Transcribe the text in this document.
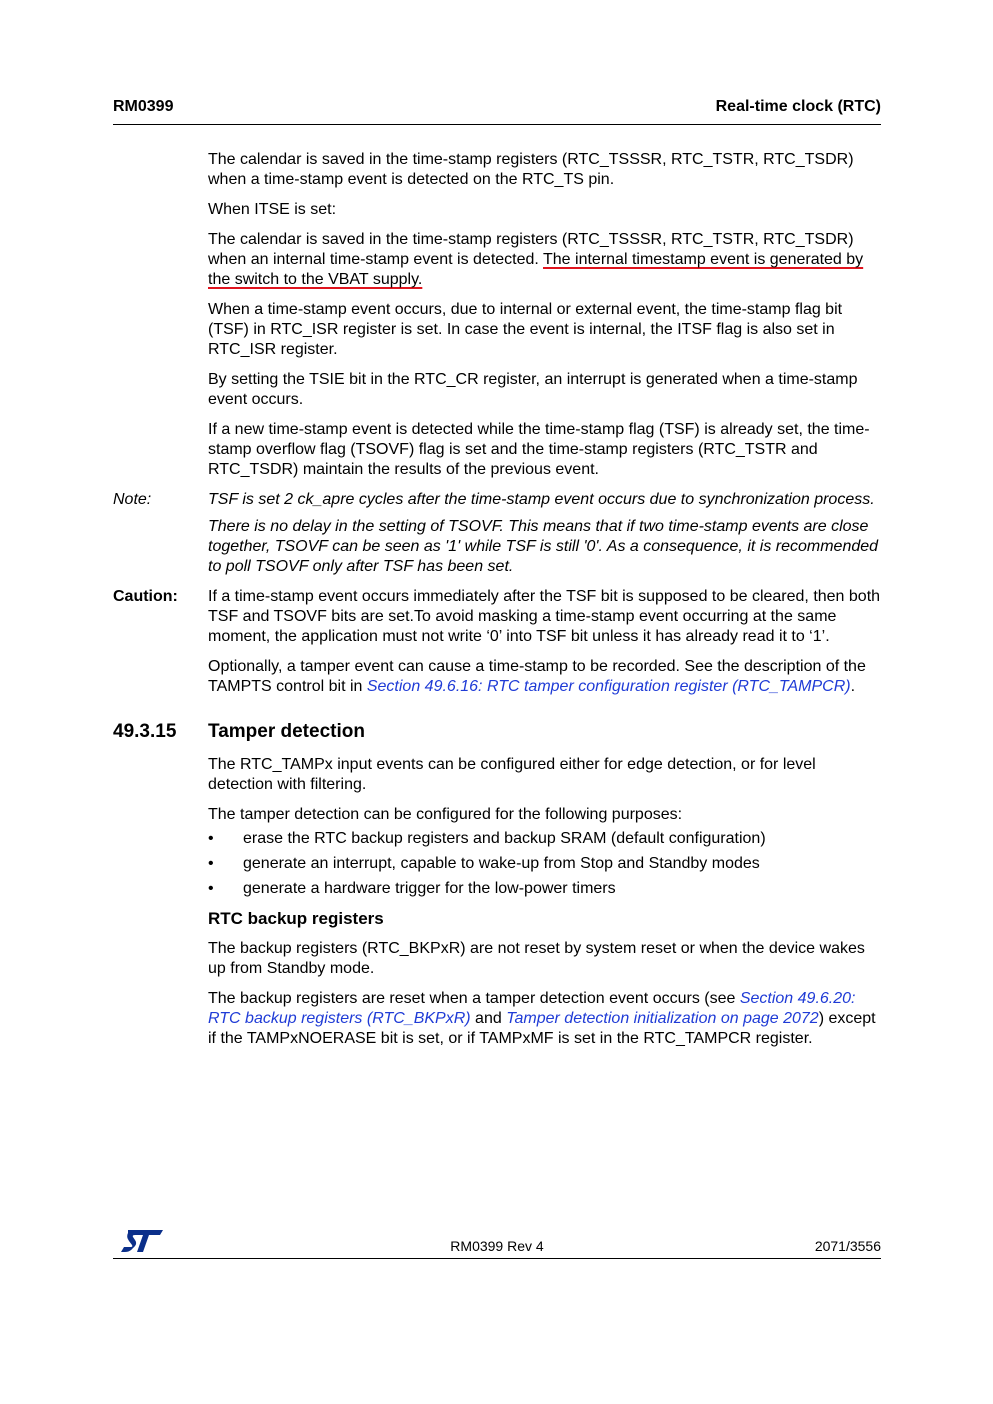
RM0399	Real-time clock (RTC)

The calendar is saved in the time-stamp registers (RTC_TSSSR, RTC_TSTR, RTC_TSDR) when a time-stamp event is detected on the RTC_TS pin.

When ITSE is set:

The calendar is saved in the time-stamp registers (RTC_TSSSR, RTC_TSTR, RTC_TSDR) when an internal time-stamp event is detected. The internal timestamp event is generated by the switch to the VBAT supply.

When a time-stamp event occurs, due to internal or external event, the time-stamp flag bit (TSF) in RTC_ISR register is set. In case the event is internal, the ITSF flag is also set in RTC_ISR register.

By setting the TSIE bit in the RTC_CR register, an interrupt is generated when a time-stamp event occurs.

If a new time-stamp event is detected while the time-stamp flag (TSF) is already set, the time-stamp overflow flag (TSOVF) flag is set and the time-stamp registers (RTC_TSTR and RTC_TSDR) maintain the results of the previous event.

Note:	TSF is set 2 ck_apre cycles after the time-stamp event occurs due to synchronization process.

There is no delay in the setting of TSOVF. This means that if two time-stamp events are close together, TSOVF can be seen as '1' while TSF is still '0'. As a consequence, it is recommended to poll TSOVF only after TSF has been set.

Caution:	If a time-stamp event occurs immediately after the TSF bit is supposed to be cleared, then both TSF and TSOVF bits are set.To avoid masking a time-stamp event occurring at the same moment, the application must not write ‘0’ into TSF bit unless it has already read it to ‘1’.

Optionally, a tamper event can cause a time-stamp to be recorded. See the description of the TAMPTS control bit in Section 49.6.16: RTC tamper configuration register (RTC_TAMPCR).

49.3.15	Tamper detection

The RTC_TAMPx input events can be configured either for edge detection, or for level detection with filtering.

The tamper detection can be configured for the following purposes:

• erase the RTC backup registers and backup SRAM (default configuration)
• generate an interrupt, capable to wake-up from Stop and Standby modes
• generate a hardware trigger for the low-power timers
RTC backup registers

The backup registers (RTC_BKPxR) are not reset by system reset or when the device wakes up from Standby mode.

The backup registers are reset when a tamper detection event occurs (see Section 49.6.20: RTC backup registers (RTC_BKPxR) and Tamper detection initialization on page 2072) except if the TAMPxNOERASE bit is set, or if TAMPxMF is set in the RTC_TAMPCR register.

RM0399 Rev 4	2071/3556
